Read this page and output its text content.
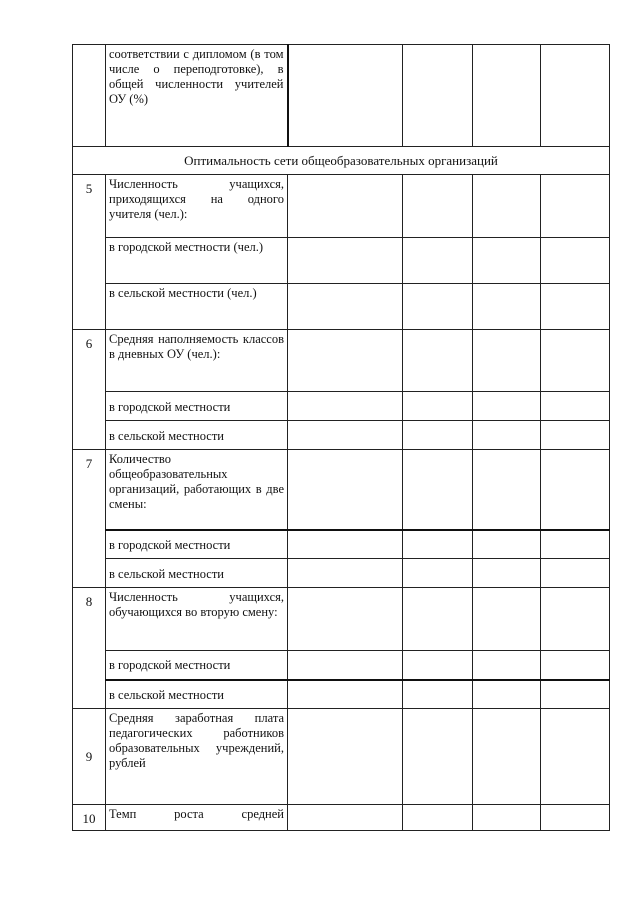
	соответствии с дипломом (в том числе о переподготовке), в общей численности учителей ОУ (%)				

Оптимальность сети общеобразовательных организаций					
5	Численность учащихся, приходящихся на одного учителя (чел.):				

	в городской местности (чел.)				

	в сельской местности (чел.)				

6	Средняя наполняемость классов в дневных ОУ (чел.):				

	в городской местности				

	в сельской местности				

7	Количество общеобразовательных организаций, работающих в две смены:				

	в городской местности				

	в сельской местности				

8	Численность учащихся, обучающихся во вторую смену:				

	в городской местности				

	в сельской местности				

9	Средняя заработная плата педагогических работников образовательных учреждений, рублей				

10	Темп роста средней				
